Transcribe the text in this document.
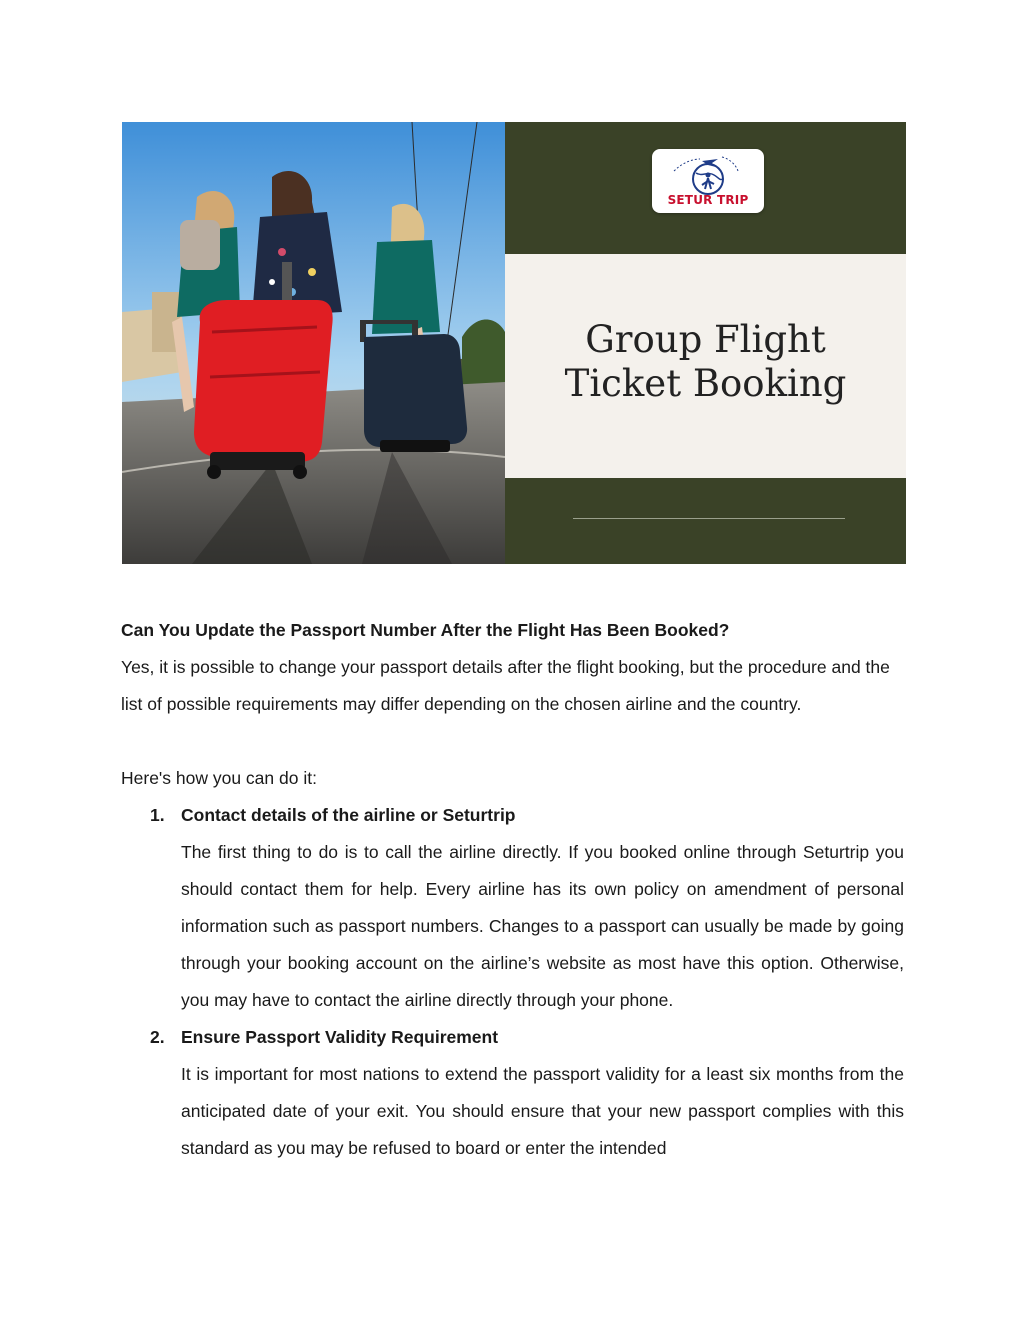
SETUR TRIP
Group Flight
Ticket Booking
Can You Update the Passport Number After the Flight Has Been Booked?

Yes, it is possible to change your passport details after the flight booking, but the procedure and the list of possible requirements may differ depending on the chosen airline and the country.

Here's how you can do it:

1. Contact details of the airline or Seturtrip
The first thing to do is to call the airline directly. If you booked online through Seturtrip you should contact them for help. Every airline has its own policy on amendment of personal information such as passport numbers. Changes to a passport can usually be made by going through your booking account on the airline’s website as most have this option. Otherwise, you may have to contact the airline directly through your phone.
2. Ensure Passport Validity Requirement
It is important for most nations to extend the passport validity for a least six months from the anticipated date of your exit. You should ensure that your new passport complies with this standard as you may be refused to board or enter the intended
